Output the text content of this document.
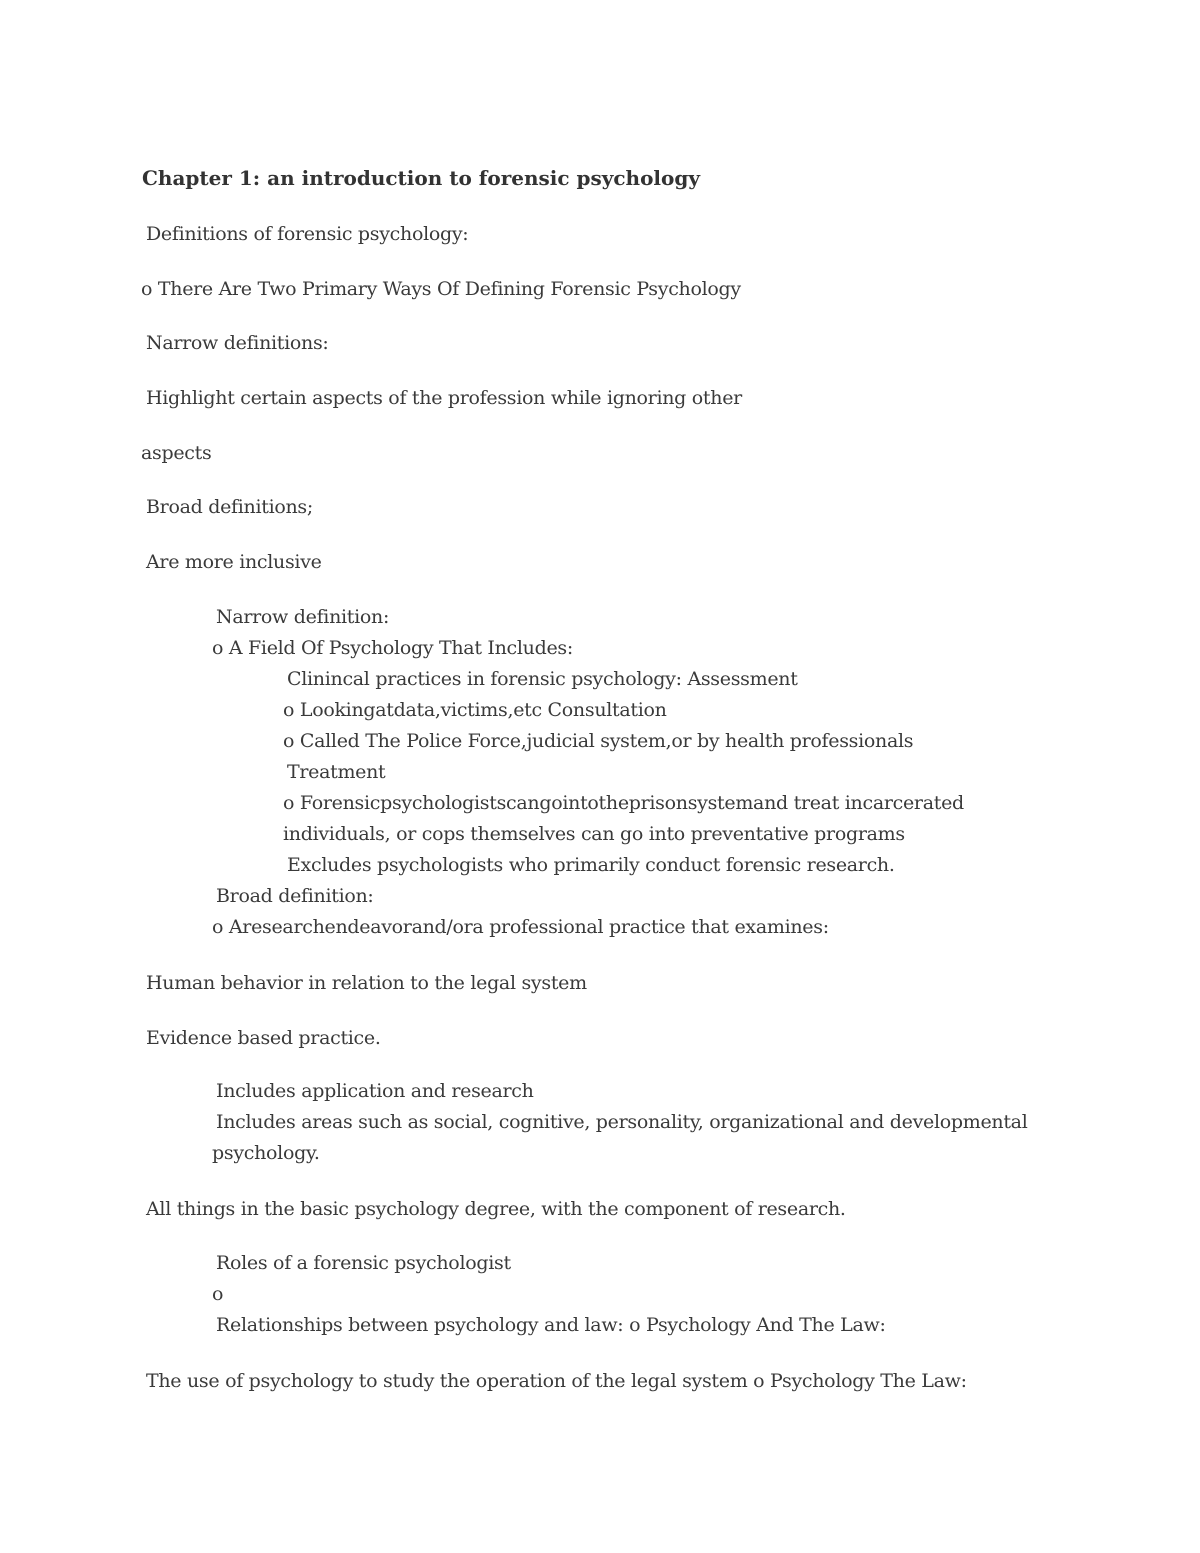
Chapter 1: an introduction to forensic psychology
Definitions of forensic psychology:
o There Are Two Primary Ways Of Defining Forensic Psychology
Narrow definitions:
Highlight certain aspects of the profession while ignoring other
aspects
Broad definitions;
Are more inclusive
Narrow definition:
o A Field Of Psychology That Includes:
Clinincal practices in forensic psychology: Assessment
o Lookingatdata,victims,etc Consultation
o Called The Police Force,judicial system,or by health professionals
Treatment
o Forensicpsychologistscangointotheprisonsystemand treat incarcerated
individuals, or cops themselves can go into preventative programs
Excludes psychologists who primarily conduct forensic research.
Broad definition:
o Aresearchendeavorand/ora professional practice that examines:
Human behavior in relation to the legal system
Evidence based practice.
Includes application and research
Includes areas such as social, cognitive, personality, organizational and developmental
psychology.
All things in the basic psychology degree, with the component of research.
Roles of a forensic psychologist
o
Relationships between psychology and law: o Psychology And The Law:
The use of psychology to study the operation of the legal system o Psychology The Law:
